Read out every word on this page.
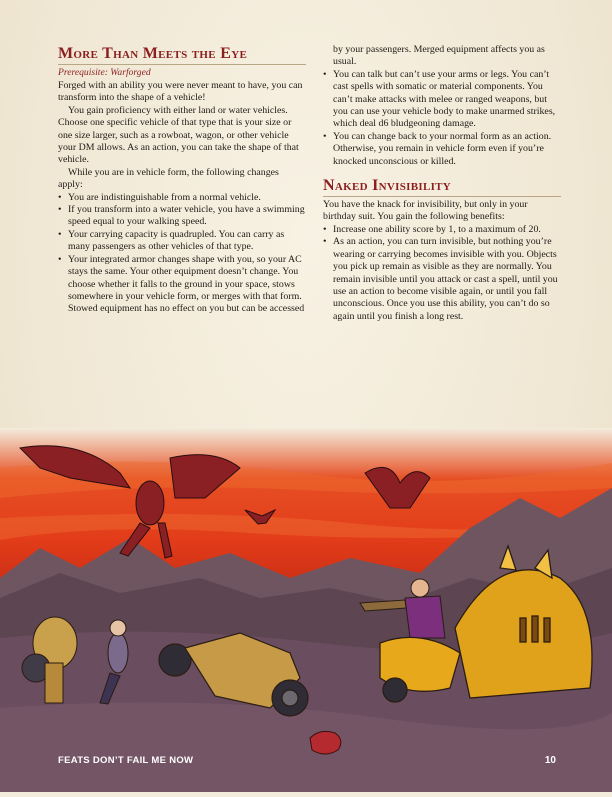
More Than Meets the Eye
Prerequisite: Warforged

Forged with an ability you were never meant to have, you can transform into the shape of a vehicle!

You gain proficiency with either land or water vehicles. Choose one specific vehicle of that type that is your size or one size larger, such as a rowboat, wagon, or other vehicle your DM allows. As an action, you can take the shape of that vehicle.

While you are in vehicle form, the following changes apply:

• You are indistinguishable from a normal vehicle.
• If you transform into a water vehicle, you have a swimming speed equal to your walking speed.
• Your carrying capacity is quadrupled. You can carry as many passengers as other vehicles of that type.
• Your integrated armor changes shape with you, so your AC stays the same. Your other equipment doesn’t change. You choose whether it falls to the ground in your space, stows somewhere in your vehicle form, or merges with that form. Stowed equipment has no effect on you but can be accessed
by your passengers. Merged equipment affects you as usual.
• You can talk but can’t use your arms or legs. You can’t cast spells with somatic or material components. You can’t make attacks with melee or ranged weapons, but you can use your vehicle body to make unarmed strikes, which deal d6 bludgeoning damage.
• You can change back to your normal form as an action. Otherwise, you remain in vehicle form even if you’re knocked unconscious or killed.
Naked Invisibility

You have the knack for invisibility, but only in your birthday suit. You gain the following benefits:

• Increase one ability score by 1, to a maximum of 20.
• As an action, you can turn invisible, but nothing you’re wearing or carrying becomes invisible with you. Objects you pick up remain as visible as they are normally. You remain invisible until you attack or cast a spell, until you use an action to become visible again, or until you fall unconscious. Once you use this ability, you can’t do so again until you finish a long rest.
FEATS DON’T FAIL ME NOW	10
